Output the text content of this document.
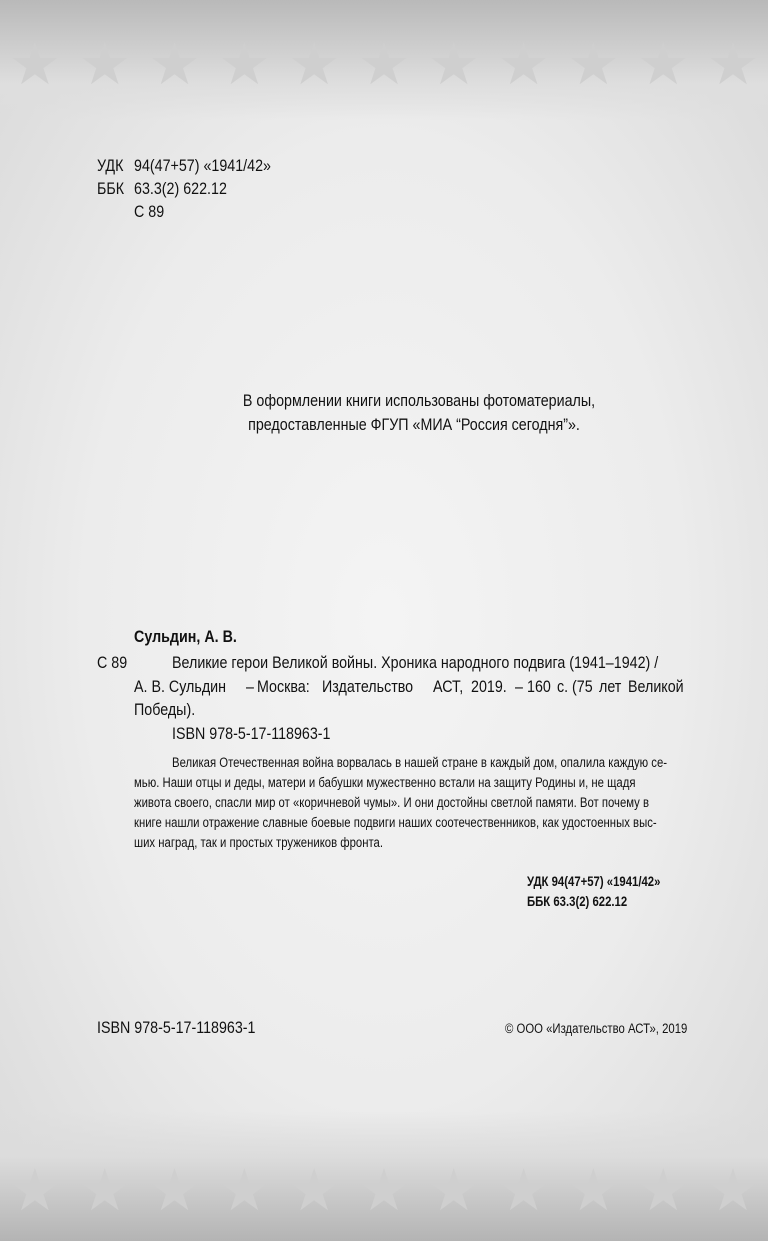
★ ★ ★ ★ ★ ★ ★ ★ ★ ★ ★
★ ★ ★ ★ ★ ★ ★ ★ ★ ★ ★
УДК 94(47+57) «1941/42»
ББК 63.3(2) 622.12
С 89
В оформлении книги использованы фотоматериалы,
предоставленные ФГУП «МИА “Россия сегодня”».
Сульдин, А. В.
С 89	Великие герои Великой войны. Хроника народного подвига (1941–1942) /
А. В. Сульдин – Москва: Издательство АСТ, 2019. – 160 с. (75 лет Великой
Победы).
ISBN 978-5-17-118963-1
Великая Отечественная война ворвалась в нашей стране в каждый дом, опалила каждую се-
мью. Наши отцы и деды, матери и бабушки мужественно встали на защиту Родины и, не щадя
живота своего, спасли мир от «коричневой чумы». И они достойны светлой памяти. Вот почему в
книге нашли отражение славные боевые подвиги наших соотечественников, как удостоенных выс-
ших наград, так и простых тружеников фронта.
УДК 94(47+57) «1941/42»
ББК 63.3(2) 622.12
ISBN 978-5-17-118963-1	© ООО «Издательство АСТ», 2019
